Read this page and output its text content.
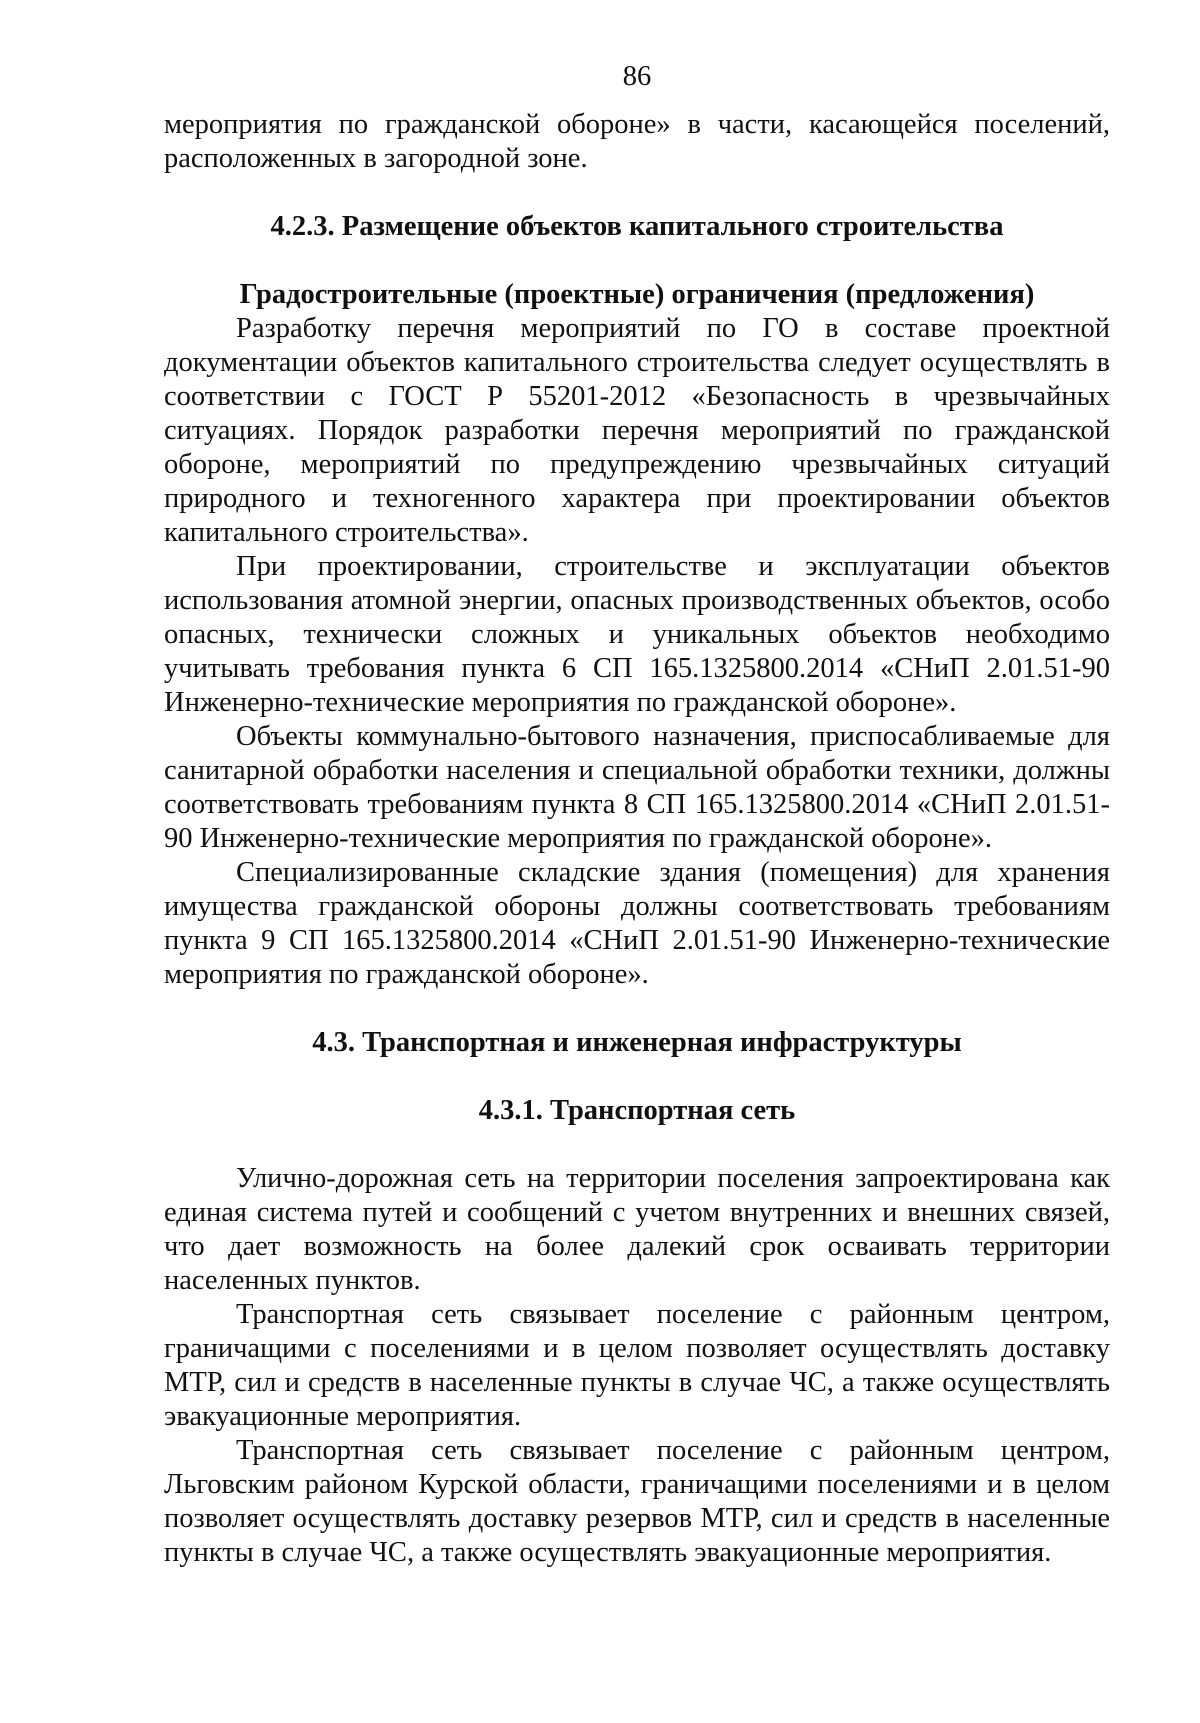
86

мероприятия по гражданской обороне» в части, касающейся поселений, расположенных в загородной зоне.

4.2.3. Размещение объектов капитального строительства
Градостроительные (проектные) ограничения (предложения)

Разработку перечня мероприятий по ГО в составе проектной документации объектов капитального строительства следует осуществлять в соответствии с ГОСТ Р 55201-2012 «Безопасность в чрезвычайных ситуациях. Порядок разработки перечня мероприятий по гражданской обороне, мероприятий по предупреждению чрезвычайных ситуаций природного и техногенного характера при проектировании объектов капитального строительства».

При проектировании, строительстве и эксплуатации объектов использования атомной энергии, опасных производственных объектов, особо опасных, технически сложных и уникальных объектов необходимо учитывать требования пункта 6 СП 165.1325800.2014 «СНиП 2.01.51-90 Инженерно-технические мероприятия по гражданской обороне».

Объекты коммунально-бытового назначения, приспосабливаемые для санитарной обработки населения и специальной обработки техники, должны соответствовать требованиям пункта 8 СП 165.1325800.2014 «СНиП 2.01.51-90 Инженерно-технические мероприятия по гражданской обороне».

Специализированные складские здания (помещения) для хранения имущества гражданской обороны должны соответствовать требованиям пункта 9 СП 165.1325800.2014 «СНиП 2.01.51-90 Инженерно-технические мероприятия по гражданской обороне».

4.3. Транспортная и инженерная инфраструктуры
4.3.1. Транспортная сеть

Улично-дорожная сеть на территории поселения запроектирована как единая система путей и сообщений с учетом внутренних и внешних связей, что дает возможность на более далекий срок осваивать территории населенных пунктов.

Транспортная сеть связывает поселение с районным центром, граничащими с поселениями и в целом позволяет осуществлять доставку МТР, сил и средств в населенные пункты в случае ЧС, а также осуществлять эвакуационные мероприятия.

Транспортная сеть связывает поселение с районным центром, Льговским районом Курской области, граничащими поселениями и в целом позволяет осуществлять доставку резервов МТР, сил и средств в населенные пункты в случае ЧС, а также осуществлять эвакуационные мероприятия.
